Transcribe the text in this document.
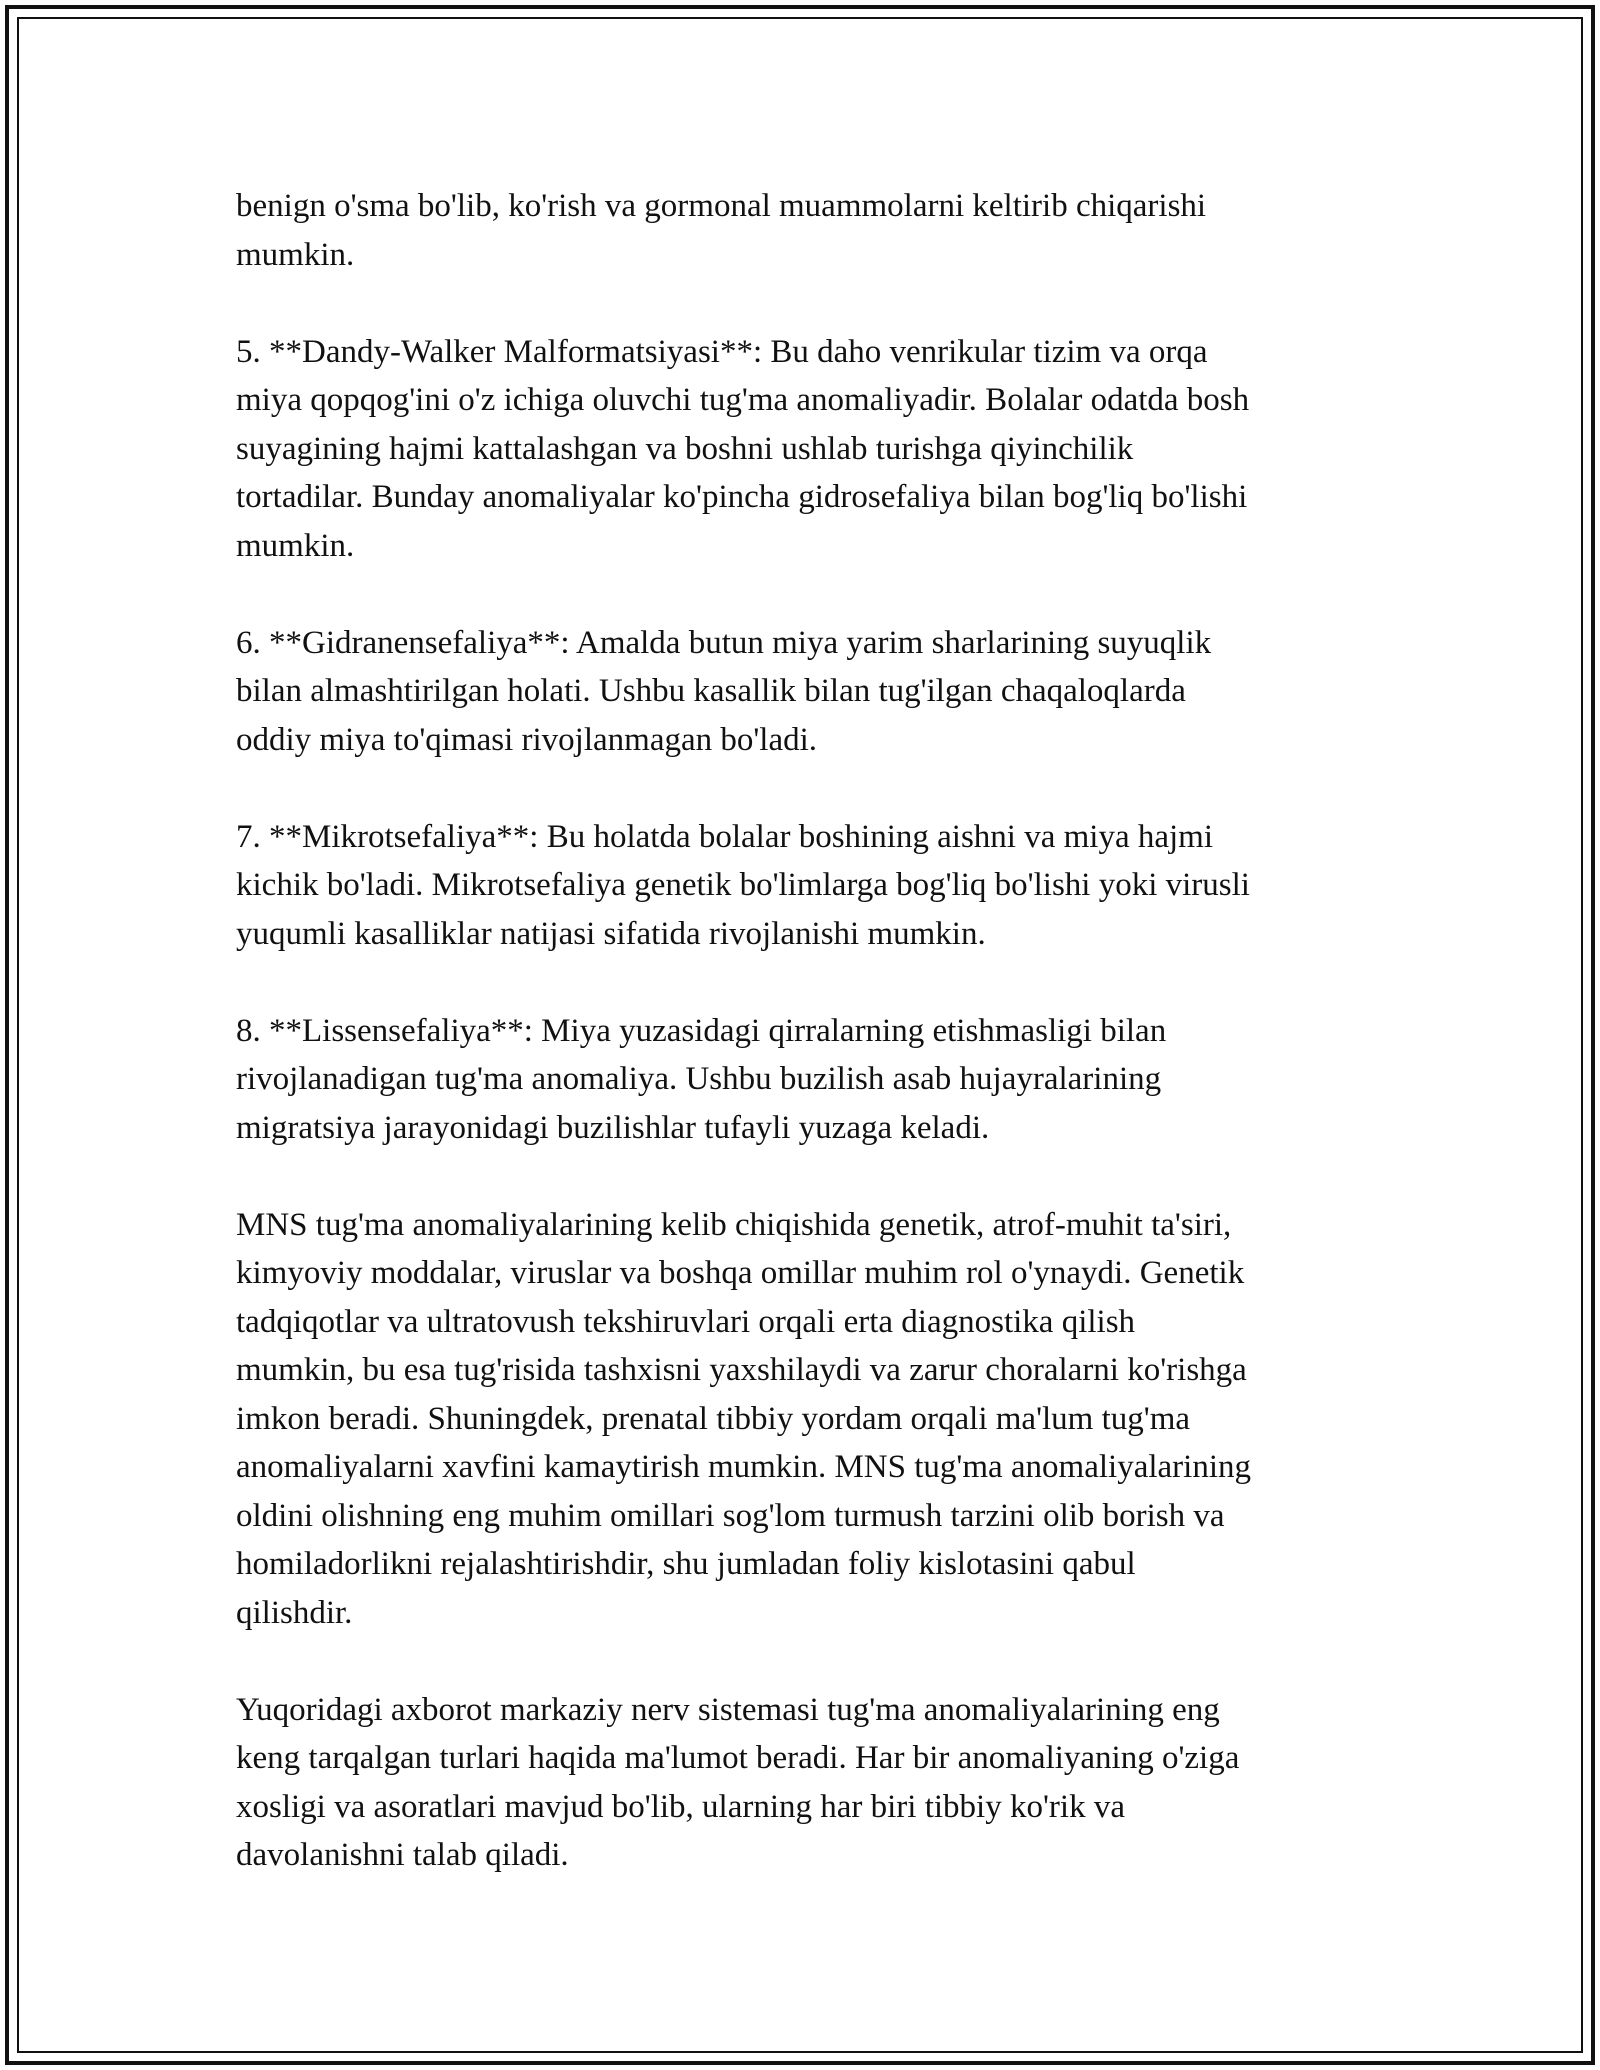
benign o'sma bo'lib, ko'rish va gormonal muammolarni keltirib chiqarishi
mumkin.

5. **Dandy-Walker Malformatsiyasi**: Bu daho venrikular tizim va orqa
miya qopqog'ini o'z ichiga oluvchi tug'ma anomaliyadir. Bolalar odatda bosh
suyagining hajmi kattalashgan va boshni ushlab turishga qiyinchilik
tortadilar. Bunday anomaliyalar ko'pincha gidrosefaliya bilan bog'liq bo'lishi
mumkin.

6. **Gidranensefaliya**: Amalda butun miya yarim sharlarining suyuqlik
bilan almashtirilgan holati. Ushbu kasallik bilan tug'ilgan chaqaloqlarda
oddiy miya to'qimasi rivojlanmagan bo'ladi.

7. **Mikrotsefaliya**: Bu holatda bolalar boshining aishni va miya hajmi
kichik bo'ladi. Mikrotsefaliya genetik bo'limlarga bog'liq bo'lishi yoki virusli
yuqumli kasalliklar natijasi sifatida rivojlanishi mumkin.

8. **Lissensefaliya**: Miya yuzasidagi qirralarning etishmasligi bilan
rivojlanadigan tug'ma anomaliya. Ushbu buzilish asab hujayralarining
migratsiya jarayonidagi buzilishlar tufayli yuzaga keladi.

MNS tug'ma anomaliyalarining kelib chiqishida genetik, atrof-muhit ta'siri,
kimyoviy moddalar, viruslar va boshqa omillar muhim rol o'ynaydi. Genetik
tadqiqotlar va ultratovush tekshiruvlari orqali erta diagnostika qilish
mumkin, bu esa tug'risida tashxisni yaxshilaydi va zarur choralarni ko'rishga
imkon beradi. Shuningdek, prenatal tibbiy yordam orqali ma'lum tug'ma
anomaliyalarni xavfini kamaytirish mumkin. MNS tug'ma anomaliyalarining
oldini olishning eng muhim omillari sog'lom turmush tarzini olib borish va
homiladorlikni rejalashtirishdir, shu jumladan foliy kislotasini qabul
qilishdir.

Yuqoridagi axborot markaziy nerv sistemasi tug'ma anomaliyalarining eng
keng tarqalgan turlari haqida ma'lumot beradi. Har bir anomaliyaning o'ziga
xosligi va asoratlari mavjud bo'lib, ularning har biri tibbiy ko'rik va
davolanishni talab qiladi.
